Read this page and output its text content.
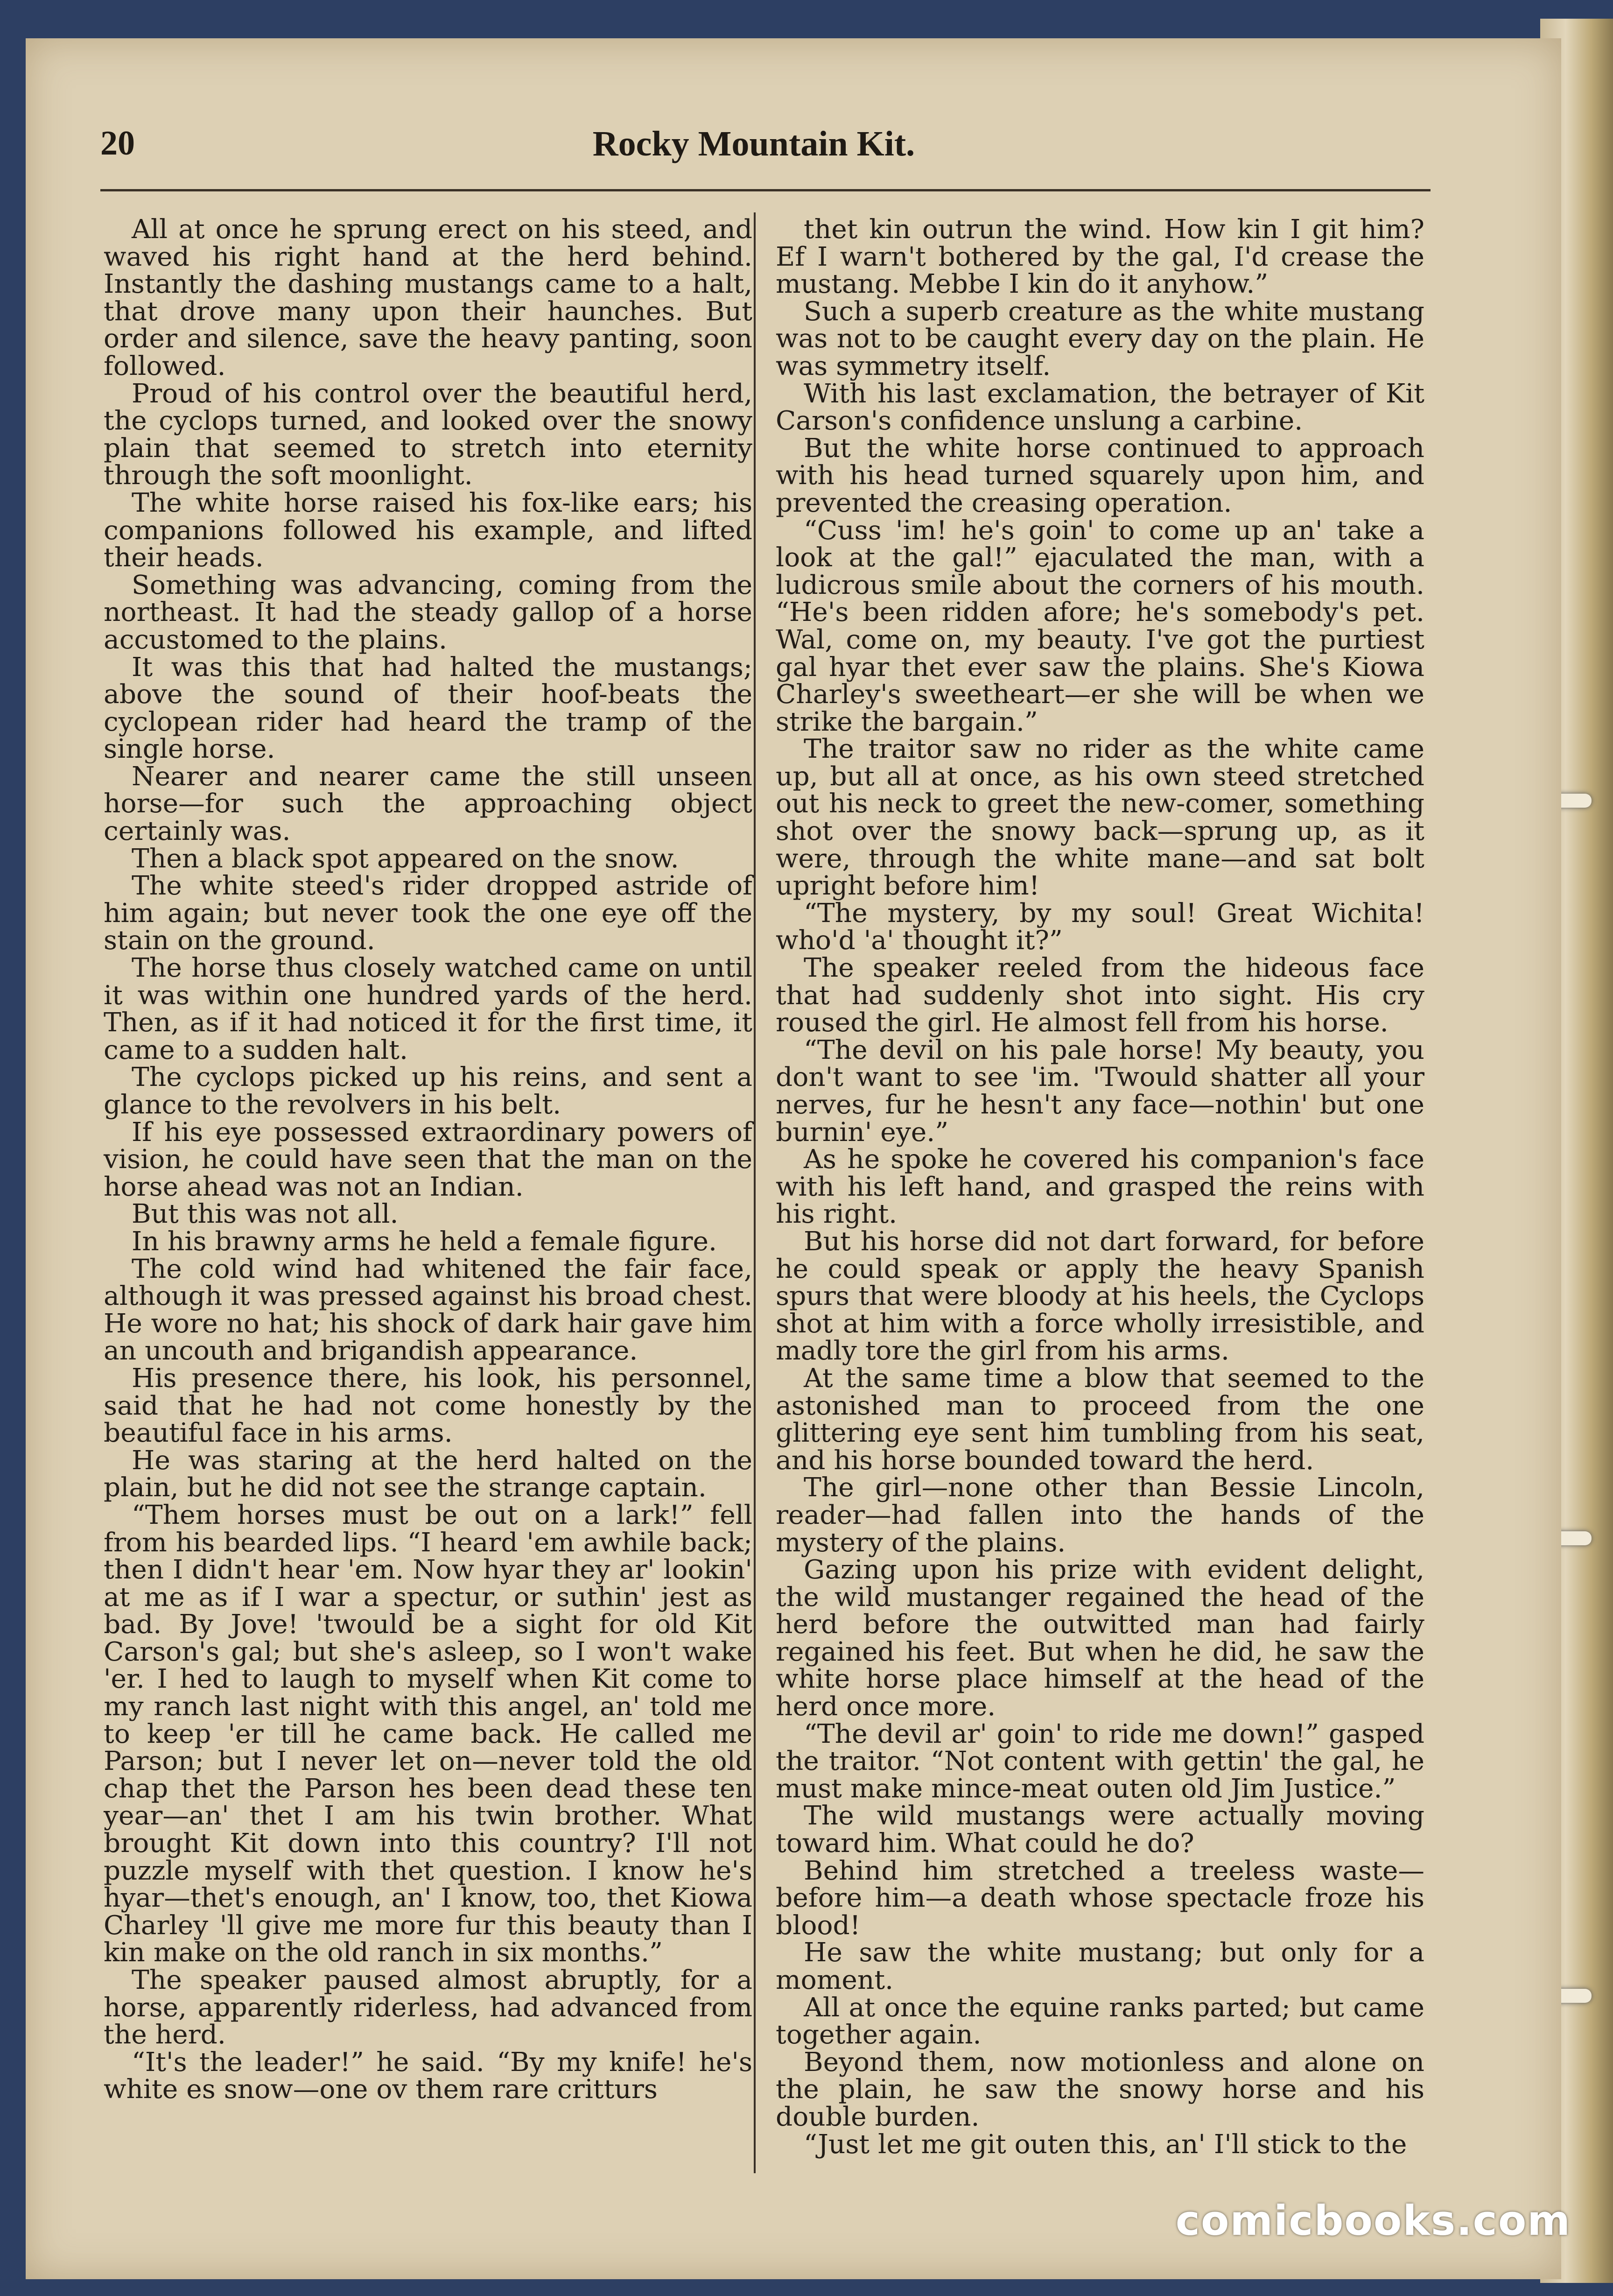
20	Rocky Mountain Kit.

All at once he sprung erect on his steed, and waved his right hand at the herd behind. Instantly the dashing mustangs came to a halt, that drove many upon their haunches. But order and silence, save the heavy panting, soon followed.

Proud of his control over the beautiful herd, the cyclops turned, and looked over the snowy plain that seemed to stretch into eternity through the soft moonlight.

The white horse raised his fox-like ears; his companions followed his example, and lifted their heads.

Something was advancing, coming from the northeast. It had the steady gallop of a horse accustomed to the plains.

It was this that had halted the mustangs; above the sound of their hoof-beats the cyclopean rider had heard the tramp of the single horse.

Nearer and nearer came the still unseen horse—for such the approaching object certainly was.

Then a black spot appeared on the snow.

The white steed's rider dropped astride of him again; but never took the one eye off the stain on the ground.

The horse thus closely watched came on until it was within one hundred yards of the herd. Then, as if it had noticed it for the first time, it came to a sudden halt.

The cyclops picked up his reins, and sent a glance to the revolvers in his belt.

If his eye possessed extraordinary powers of vision, he could have seen that the man on the horse ahead was not an Indian.

But this was not all.

In his brawny arms he held a female figure.

The cold wind had whitened the fair face, although it was pressed against his broad chest. He wore no hat; his shock of dark hair gave him an uncouth and brigandish appearance.

His presence there, his look, his personnel, said that he had not come honestly by the beautiful face in his arms.

He was staring at the herd halted on the plain, but he did not see the strange captain.

“Them horses must be out on a lark!” fell from his bearded lips. “I heard 'em awhile back; then I didn't hear 'em. Now hyar they ar' lookin' at me as if I war a spectur, or suthin' jest as bad. By Jove! 'twould be a sight for old Kit Carson's gal; but she's asleep, so I won't wake 'er. I hed to laugh to myself when Kit come to my ranch last night with this angel, an' told me to keep 'er till he came back. He called me Parson; but I never let on—never told the old chap thet the Parson hes been dead these ten year—an' thet I am his twin brother. What brought Kit down into this country? I'll not puzzle myself with thet question. I know he's hyar—thet's enough, an' I know, too, thet Kiowa Charley 'll give me more fur this beauty than I kin make on the old ranch in six months.”

The speaker paused almost abruptly, for a horse, apparently riderless, had advanced from the herd.

“It's the leader!” he said. “By my knife! he's white es snow—one ov them rare critturs

thet kin outrun the wind. How kin I git him? Ef I warn't bothered by the gal, I'd crease the mustang. Mebbe I kin do it anyhow.”

Such a superb creature as the white mustang was not to be caught every day on the plain. He was symmetry itself.

With his last exclamation, the betrayer of Kit Carson's confidence unslung a carbine.

But the white horse continued to approach with his head turned squarely upon him, and prevented the creasing operation.

“Cuss 'im! he's goin' to come up an' take a look at the gal!” ejaculated the man, with a ludicrous smile about the corners of his mouth. “He's been ridden afore; he's somebody's pet. Wal, come on, my beauty. I've got the purtiest gal hyar thet ever saw the plains. She's Kiowa Charley's sweetheart—er she will be when we strike the bargain.”

The traitor saw no rider as the white came up, but all at once, as his own steed stretched out his neck to greet the new-comer, something shot over the snowy back—sprung up, as it were, through the white mane—and sat bolt upright before him!

“The mystery, by my soul! Great Wichita! who'd 'a' thought it?”

The speaker reeled from the hideous face that had suddenly shot into sight. His cry roused the girl. He almost fell from his horse.

“The devil on his pale horse! My beauty, you don't want to see 'im. 'Twould shatter all your nerves, fur he hesn't any face—nothin' but one burnin' eye.”

As he spoke he covered his companion's face with his left hand, and grasped the reins with his right.

But his horse did not dart forward, for before he could speak or apply the heavy Spanish spurs that were bloody at his heels, the Cyclops shot at him with a force wholly irresistible, and madly tore the girl from his arms.

At the same time a blow that seemed to the astonished man to proceed from the one glittering eye sent him tumbling from his seat, and his horse bounded toward the herd.

The girl—none other than Bessie Lincoln, reader—had fallen into the hands of the mystery of the plains.

Gazing upon his prize with evident delight, the wild mustanger regained the head of the herd before the outwitted man had fairly regained his feet. But when he did, he saw the white horse place himself at the head of the herd once more.

“The devil ar' goin' to ride me down!” gasped the traitor. “Not content with gettin' the gal, he must make mince-meat outen old Jim Justice.”

The wild mustangs were actually moving toward him. What could he do?

Behind him stretched a treeless waste—before him—a death whose spectacle froze his blood!

He saw the white mustang; but only for a moment.

All at once the equine ranks parted; but came together again.

Beyond them, now motionless and alone on the plain, he saw the snowy horse and his double burden.

“Just let me git outen this, an' I'll stick to the

comicbooks.com
